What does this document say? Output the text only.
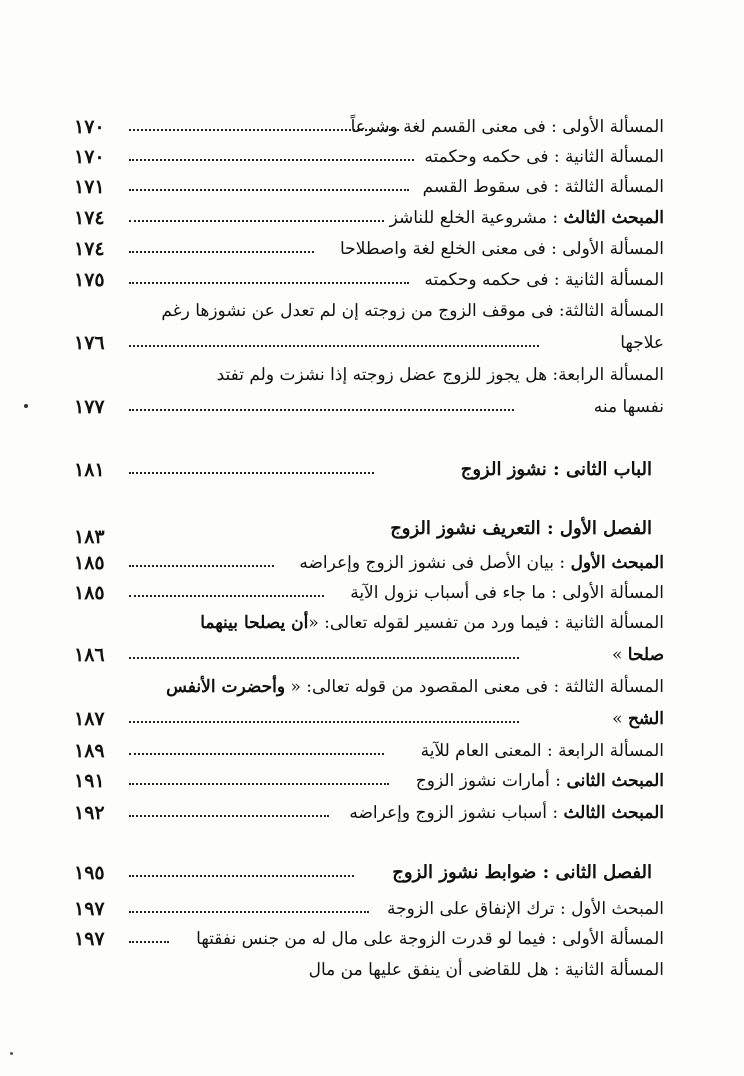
المسألة الأولى : فى معنى القسم لغة وشرعاً
١٧٠
المسألة الثانية : فى حكمه وحكمته
١٧٠
المسألة الثالثة : فى سقوط القسم
١٧١
المبحث الثالث : مشروعية الخلع للناشز
١٧٤
المسألة الأولى : فى معنى الخلع لغة واصطلاحا
١٧٤
المسألة الثانية : فى حكمه وحكمته
١٧٥
المسألة الثالثة: فى موقف الزوج من زوجته إن لم تعدل عن نشوزها رغم
علاجها
١٧٦
المسألة الرابعة: هل يجوز للزوج عضل زوجته إذا نشزت ولم تفتد
نفسها منه
١٧٧
الباب الثانى : نشوز الزوج
١٨١
الفصل الأول : التعريف نشوز الزوج
١٨٣
المبحث الأول : بيان الأصل فى نشوز الزوج وإعراضه
١٨٥
المسألة الأولى : ما جاء فى أسباب نزول الآية
١٨٥
المسألة الثانية : فيما ورد من تفسير لقوله تعالى: «أن يصلحا بينهما
صلحا »
١٨٦
المسألة الثالثة : فى معنى المقصود من قوله تعالى: « وأحضرت الأنفس
الشح »
١٨٧
المسألة الرابعة : المعنى العام للآية
١٨٩
المبحث الثانى : أمارات نشوز الزوج
١٩١
المبحث الثالث : أسباب نشوز الزوج وإعراضه
١٩٢
الفصل الثانى : ضوابط نشوز الزوج
١٩٥
المبحث الأول : ترك الإنفاق على الزوجة
١٩٧
المسألة الأولى : فيما لو قدرت الزوجة على مال له من جنس نفقتها
١٩٧
المسألة الثانية : هل للقاضى أن ينفق عليها من مال
